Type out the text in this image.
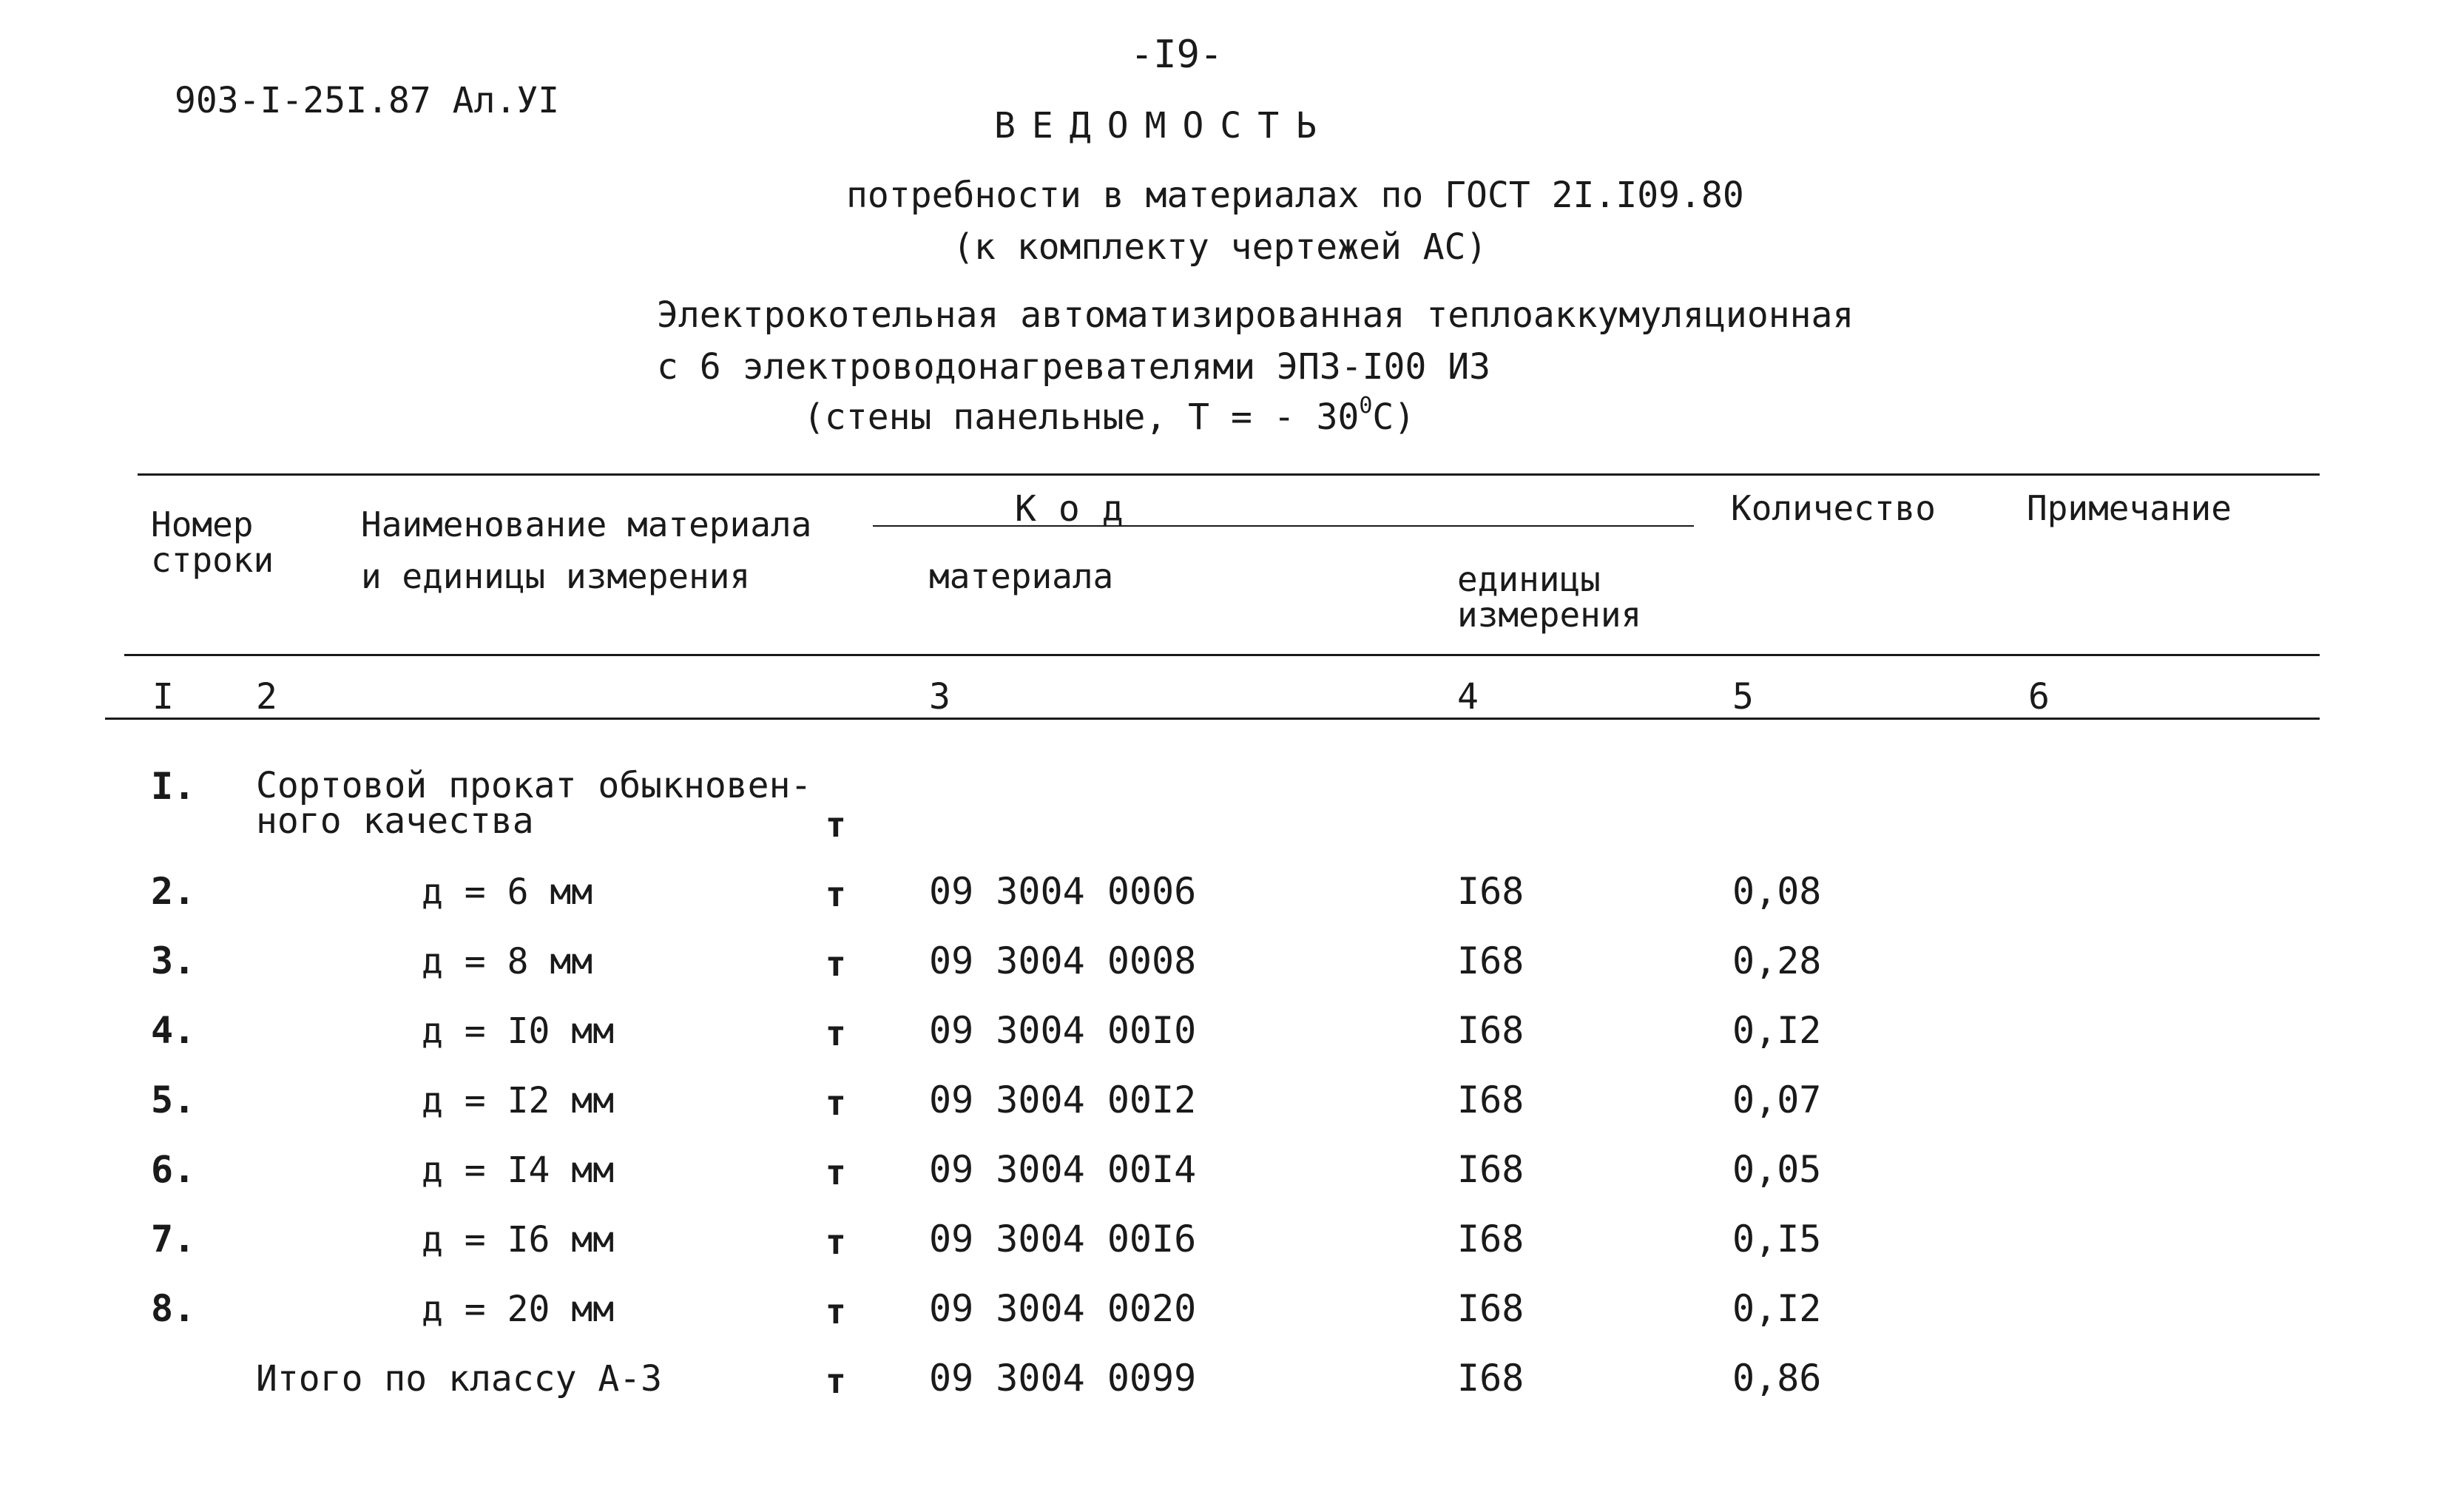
-I9-
903-I-25I.87 Ал.УI
ВЕДОМОСТЬ
потребности в материалах по ГОСТ 2I.I09.80
(к комплекту чертежей АС)
Электрокотельная автоматизированная теплоаккумуляционная
с 6 электроводонагревателями ЭПЗ-I00 ИЗ
(стены панельные, Т = - $30^0С$)
Номер
строки
Наименование материала
и единицы измерения
Код
материала	единицы
измерения
Количество	Примечание
I 2	3	4	5	6
I. Сортовой прокат обыкновен-
ного качества	т
2.	д = 6 мм	т 09 3004 0006	I68	0,08
3.	д = 8 мм	т 09 3004 0008	I68	0,28
4.	д = I0 мм	т 09 3004 00I0	I68	0,I2
5.	д = I2 мм	т 09 3004 00I2	I68	0,07
6.	д = I4 мм	т 09 3004 00I4	I68	0,05
7.	д = I6 мм	т 09 3004 00I6	I68	0,I5
8.	д = 20 мм	т 09 3004 0020	I68	0,I2
Итого по классу А-3	т 09 3004 0099	I68	0,86
